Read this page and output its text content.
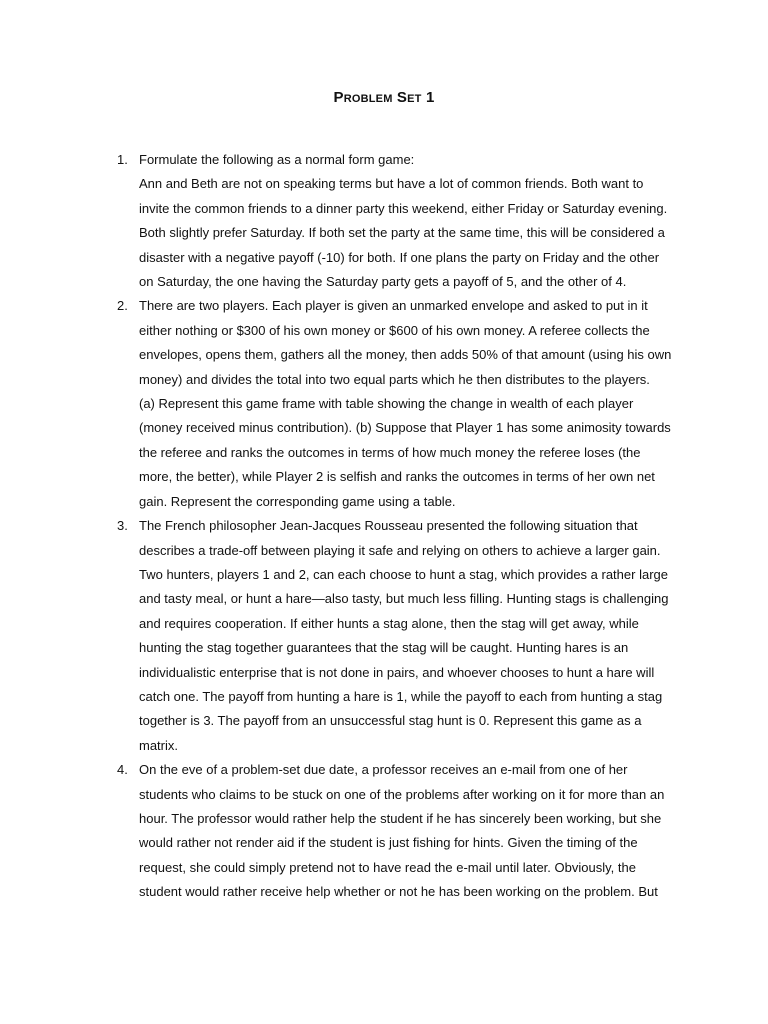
Problem Set 1
1. Formulate the following as a normal form game:
Ann and Beth are not on speaking terms but have a lot of common friends. Both want to
invite the common friends to a dinner party this weekend, either Friday or Saturday evening.
Both slightly prefer Saturday. If both set the party at the same time, this will be considered a
disaster with a negative payoff (-10) for both. If one plans the party on Friday and the other
on Saturday, the one having the Saturday party gets a payoff of 5, and the other of 4.
2. There are two players. Each player is given an unmarked envelope and asked to put in it
either nothing or $300 of his own money or $600 of his own money. A referee collects the
envelopes, opens them, gathers all the money, then adds 50% of that amount (using his own
money) and divides the total into two equal parts which he then distributes to the players.
(a) Represent this game frame with table showing the change in wealth of each player
(money received minus contribution). (b) Suppose that Player 1 has some animosity towards
the referee and ranks the outcomes in terms of how much money the referee loses (the
more, the better), while Player 2 is selfish and ranks the outcomes in terms of her own net
gain. Represent the corresponding game using a table.
3. The French philosopher Jean-Jacques Rousseau presented the following situation that
describes a trade-off between playing it safe and relying on others to achieve a larger gain.
Two hunters, players 1 and 2, can each choose to hunt a stag, which provides a rather large
and tasty meal, or hunt a hare—also tasty, but much less filling. Hunting stags is challenging
and requires cooperation. If either hunts a stag alone, then the stag will get away, while
hunting the stag together guarantees that the stag will be caught. Hunting hares is an
individualistic enterprise that is not done in pairs, and whoever chooses to hunt a hare will
catch one. The payoff from hunting a hare is 1, while the payoff to each from hunting a stag
together is 3. The payoff from an unsuccessful stag hunt is 0. Represent this game as a
matrix.
4. On the eve of a problem-set due date, a professor receives an e-mail from one of her
students who claims to be stuck on one of the problems after working on it for more than an
hour. The professor would rather help the student if he has sincerely been working, but she
would rather not render aid if the student is just fishing for hints. Given the timing of the
request, she could simply pretend not to have read the e-mail until later. Obviously, the
student would rather receive help whether or not he has been working on the problem. But
